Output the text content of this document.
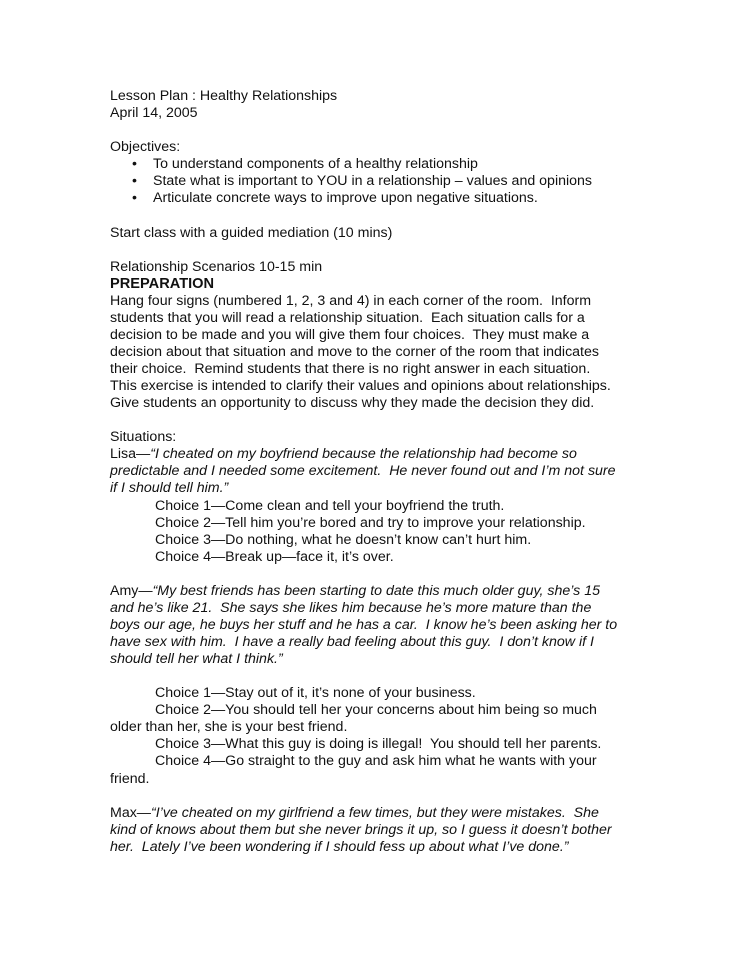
Lesson Plan : Healthy Relationships
April 14, 2005
Objectives:
• To understand components of a healthy relationship
• State what is important to YOU in a relationship – values and opinions
• Articulate concrete ways to improve upon negative situations.
Start class with a guided mediation (10 mins)
Relationship Scenarios 10-15 min
PREPARATION
Hang four signs (numbered 1, 2, 3 and 4) in each corner of the room.  Inform
students that you will read a relationship situation.  Each situation calls for a
decision to be made and you will give them four choices.  They must make a
decision about that situation and move to the corner of the room that indicates
their choice.  Remind students that there is no right answer in each situation.
This exercise is intended to clarify their values and opinions about relationships.
Give students an opportunity to discuss why they made the decision they did.
Situations:
Lisa—“I cheated on my boyfriend because the relationship had become so
predictable and I needed some excitement.  He never found out and I’m not sure
if I should tell him.”
Choice 1—Come clean and tell your boyfriend the truth.
Choice 2—Tell him you’re bored and try to improve your relationship.
Choice 3—Do nothing, what he doesn’t know can’t hurt him.
Choice 4—Break up—face it, it’s over.
Amy—“My best friends has been starting to date this much older guy, she’s 15
and he’s like 21.  She says she likes him because he’s more mature than the
boys our age, he buys her stuff and he has a car.  I know he’s been asking her to
have sex with him.  I have a really bad feeling about this guy.  I don’t know if I
should tell her what I think.”
Choice 1—Stay out of it, it’s none of your business.
Choice 2—You should tell her your concerns about him being so much
older than her, she is your best friend.
Choice 3—What this guy is doing is illegal!  You should tell her parents.
Choice 4—Go straight to the guy and ask him what he wants with your
friend.
Max—“I’ve cheated on my girlfriend a few times, but they were mistakes.  She
kind of knows about them but she never brings it up, so I guess it doesn’t bother
her.  Lately I’ve been wondering if I should fess up about what I’ve done.”
